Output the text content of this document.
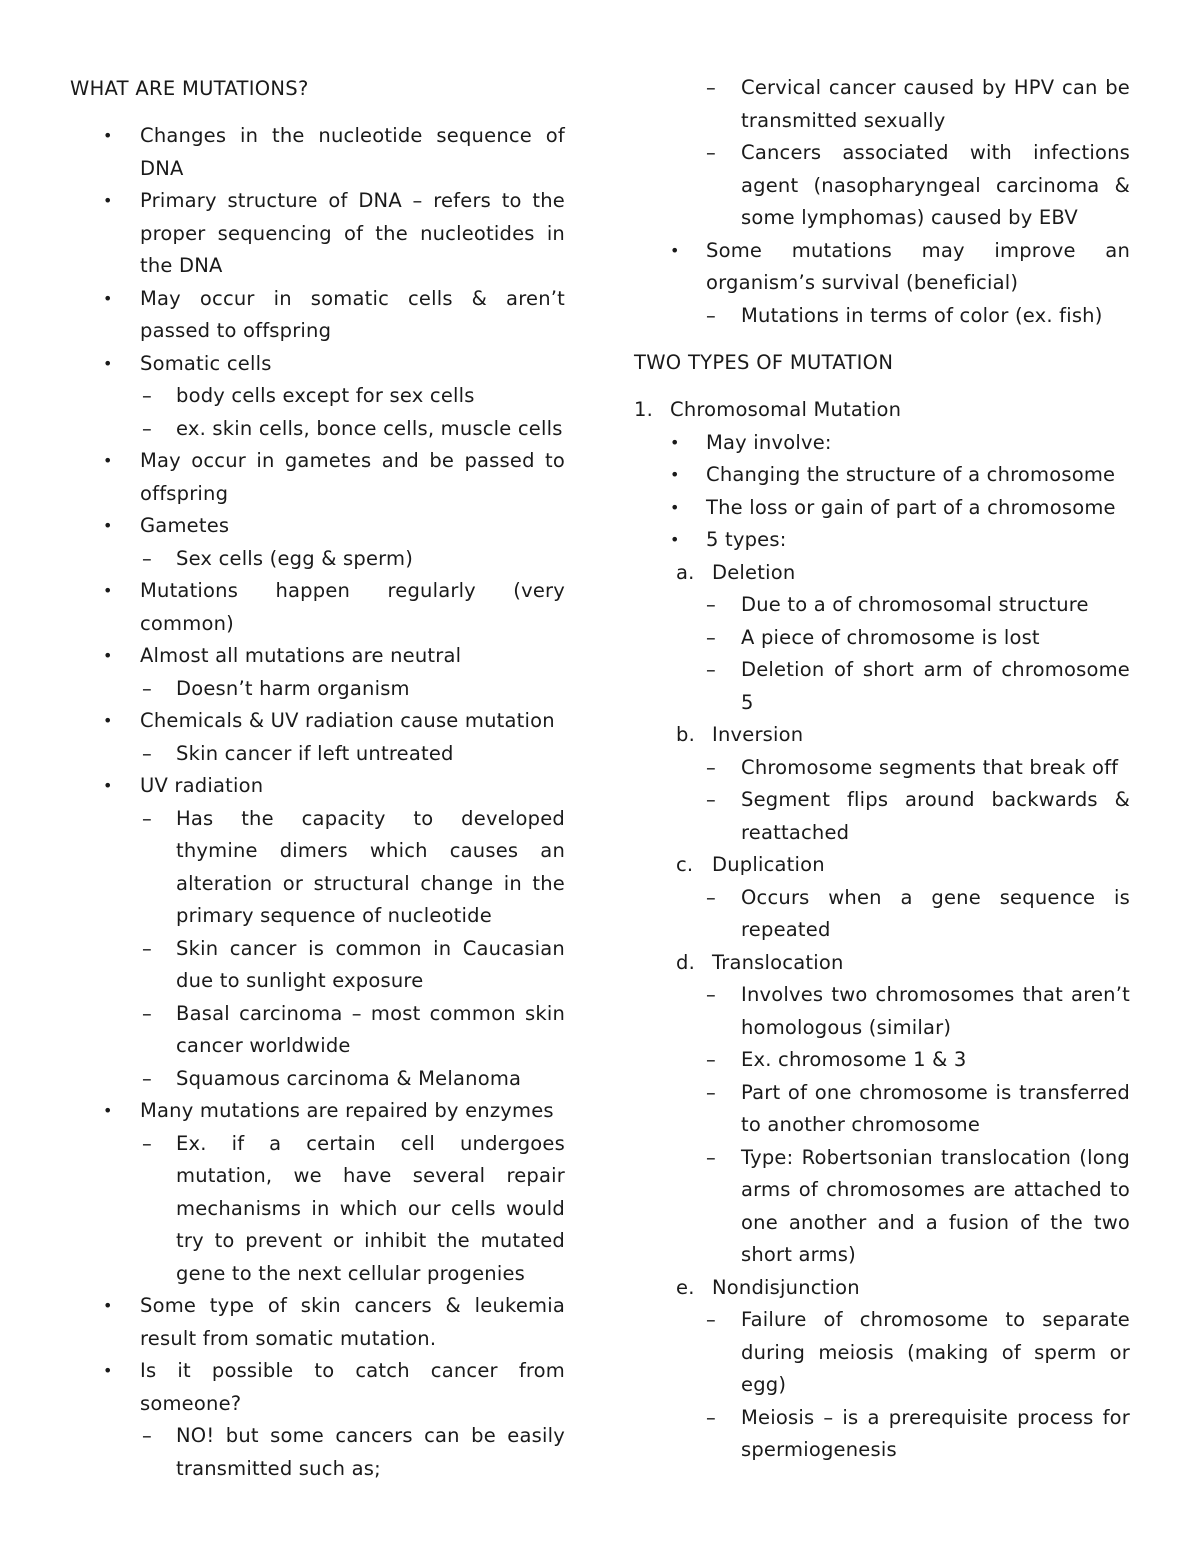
WHAT ARE MUTATIONS?
• Changes in the nucleotide sequence of DNA
• Primary structure of DNA – refers to the proper sequencing of the nucleotides in the DNA
• May occur in somatic cells & aren’t passed to offspring
• Somatic cells
– body cells except for sex cells
– ex. skin cells, bonce cells, muscle cells
• May occur in gametes and be passed to offspring
• Gametes
– Sex cells (egg & sperm)
• Mutations happen regularly (very common)
• Almost all mutations are neutral
– Doesn’t harm organism
• Chemicals & UV radiation cause mutation
– Skin cancer if left untreated
• UV radiation
– Has the capacity to developed thymine dimers which causes an alteration or structural change in the primary sequence of nucleotide
– Skin cancer is common in Caucasian due to sunlight exposure
– Basal carcinoma – most common skin cancer worldwide
– Squamous carcinoma & Melanoma
• Many mutations are repaired by enzymes
– Ex. if a certain cell undergoes mutation, we have several repair mechanisms in which our cells would try to prevent or inhibit the mutated gene to the next cellular progenies
• Some type of skin cancers & leukemia result from somatic mutation.
• Is it possible to catch cancer from someone?
– NO! but some cancers can be easily transmitted such as;
– Cervical cancer caused by HPV can be transmitted sexually
– Cancers associated with infections agent (nasopharyngeal carcinoma & some lymphomas) caused by EBV
• Some mutations may improve an organism’s survival (beneficial)
– Mutations in terms of color (ex. fish)
TWO TYPES OF MUTATION
1. Chromosomal Mutation
• May involve:
• Changing the structure of a chromosome
• The loss or gain of part of a chromosome
• 5 types:
a. Deletion
– Due to a of chromosomal structure
– A piece of chromosome is lost
– Deletion of short arm of chromosome 5
b. Inversion
– Chromosome segments that break off
– Segment flips around backwards & reattached
c. Duplication
– Occurs when a gene sequence is repeated
d. Translocation
– Involves two chromosomes that aren’t homologous (similar)
– Ex. chromosome 1 & 3
– Part of one chromosome is transferred to another chromosome
– Type: Robertsonian translocation (long arms of chromosomes are attached to one another and a fusion of the two short arms)
e. Nondisjunction
– Failure of chromosome to separate during meiosis (making of sperm or egg)
– Meiosis – is a prerequisite process for spermiogenesis
